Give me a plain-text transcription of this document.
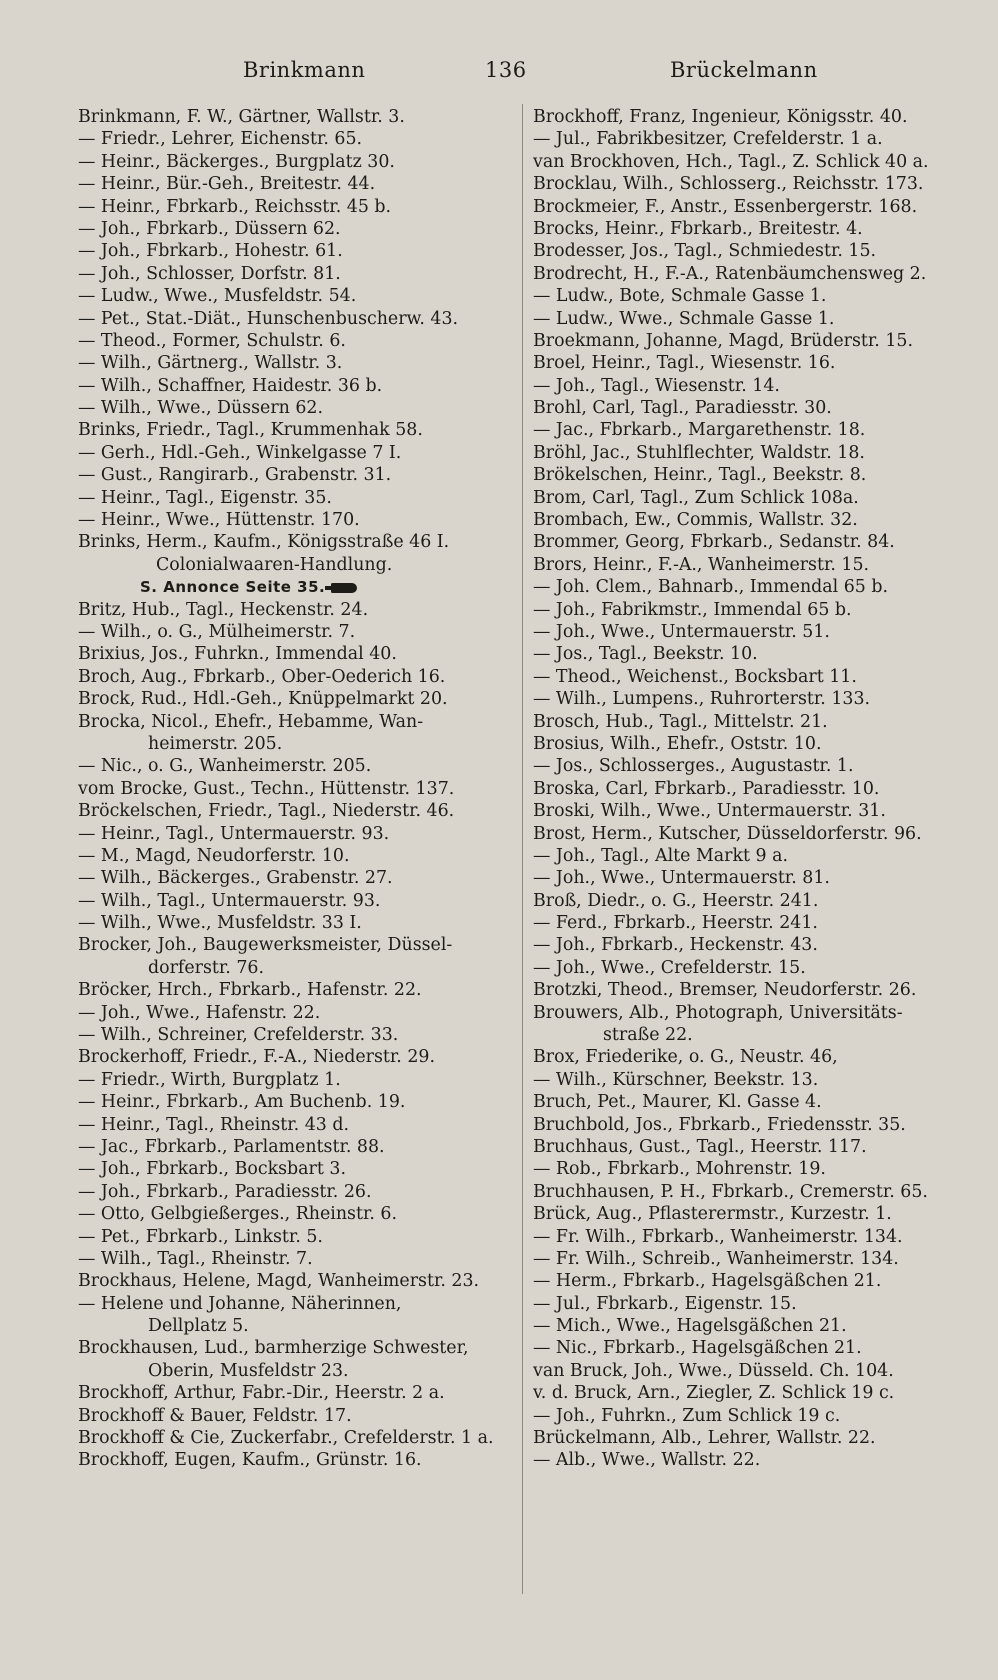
Brinkmann	136	Brückelmann
Brinkmann, F. W., Gärtner, Wallstr. 3.
— Friedr., Lehrer, Eichenstr. 65.
— Heinr., Bäckerges., Burgplatz 30.
— Heinr., Bür.-Geh., Breitestr. 44.
— Heinr., Fbrkarb., Reichsstr. 45 b.
— Joh., Fbrkarb., Düssern 62.
— Joh., Fbrkarb., Hohestr. 61.
— Joh., Schlosser, Dorfstr. 81.
— Ludw., Wwe., Musfeldstr. 54.
— Pet., Stat.-Diät., Hunschenbuscherw. 43.
— Theod., Former, Schulstr. 6.
— Wilh., Gärtnerg., Wallstr. 3.
— Wilh., Schaffner, Haidestr. 36 b.
— Wilh., Wwe., Düssern 62.
Brinks, Friedr., Tagl., Krummenhak 58.
— Gerh., Hdl.-Geh., Winkelgasse 7 I.
— Gust., Rangirarb., Grabenstr. 31.
— Heinr., Tagl., Eigenstr. 35.
— Heinr., Wwe., Hüttenstr. 170.
Brinks, Herm., Kaufm., Königsstraße 46 I.
Colonialwaaren-Handlung.
S. Annonce Seite 35.
Britz, Hub., Tagl., Heckenstr. 24.
— Wilh., o. G., Mülheimerstr. 7.
Brixius, Jos., Fuhrkn., Immendal 40.
Broch, Aug., Fbrkarb., Ober-Oederich 16.
Brock, Rud., Hdl.-Geh., Knüppelmarkt 20.
Brocka, Nicol., Ehefr., Hebamme, Wan-
heimerstr. 205.
— Nic., o. G., Wanheimerstr. 205.
vom Brocke, Gust., Techn., Hüttenstr. 137.
Bröckelschen, Friedr., Tagl., Niederstr. 46.
— Heinr., Tagl., Untermauerstr. 93.
— M., Magd, Neudorferstr. 10.
— Wilh., Bäckerges., Grabenstr. 27.
— Wilh., Tagl., Untermauerstr. 93.
— Wilh., Wwe., Musfeldstr. 33 I.
Brocker, Joh., Baugewerksmeister, Düssel-
dorferstr. 76.
Bröcker, Hrch., Fbrkarb., Hafenstr. 22.
— Joh., Wwe., Hafenstr. 22.
— Wilh., Schreiner, Crefelderstr. 33.
Brockerhoff, Friedr., F.-A., Niederstr. 29.
— Friedr., Wirth, Burgplatz 1.
— Heinr., Fbrkarb., Am Buchenb. 19.
— Heinr., Tagl., Rheinstr. 43 d.
— Jac., Fbrkarb., Parlamentstr. 88.
— Joh., Fbrkarb., Bocksbart 3.
— Joh., Fbrkarb., Paradiesstr. 26.
— Otto, Gelbgießerges., Rheinstr. 6.
— Pet., Fbrkarb., Linkstr. 5.
— Wilh., Tagl., Rheinstr. 7.
Brockhaus, Helene, Magd, Wanheimerstr. 23.
— Helene und Johanne, Näherinnen,
Dellplatz 5.
Brockhausen, Lud., barmherzige Schwester,
Oberin, Musfeldstr 23.
Brockhoff, Arthur, Fabr.-Dir., Heerstr. 2 a.
Brockhoff & Bauer, Feldstr. 17.
Brockhoff & Cie, Zuckerfabr., Crefelderstr. 1 a.
Brockhoff, Eugen, Kaufm., Grünstr. 16.
Brockhoff, Franz, Ingenieur, Königsstr. 40.
— Jul., Fabrikbesitzer, Crefelderstr. 1 a.
van Brockhoven, Hch., Tagl., Z. Schlick 40 a.
Brocklau, Wilh., Schlosserg., Reichsstr. 173.
Brockmeier, F., Anstr., Essenbergerstr. 168.
Brocks, Heinr., Fbrkarb., Breitestr. 4.
Brodesser, Jos., Tagl., Schmiedestr. 15.
Brodrecht, H., F.-A., Ratenbäumchensweg 2.
— Ludw., Bote, Schmale Gasse 1.
— Ludw., Wwe., Schmale Gasse 1.
Broekmann, Johanne, Magd, Brüderstr. 15.
Broel, Heinr., Tagl., Wiesenstr. 16.
— Joh., Tagl., Wiesenstr. 14.
Brohl, Carl, Tagl., Paradiesstr. 30.
— Jac., Fbrkarb., Margarethenstr. 18.
Bröhl, Jac., Stuhlflechter, Waldstr. 18.
Brökelschen, Heinr., Tagl., Beekstr. 8.
Brom, Carl, Tagl., Zum Schlick 108a.
Brombach, Ew., Commis, Wallstr. 32.
Brommer, Georg, Fbrkarb., Sedanstr. 84.
Brors, Heinr., F.-A., Wanheimerstr. 15.
— Joh. Clem., Bahnarb., Immendal 65 b.
— Joh., Fabrikmstr., Immendal 65 b.
— Joh., Wwe., Untermauerstr. 51.
— Jos., Tagl., Beekstr. 10.
— Theod., Weichenst., Bocksbart 11.
— Wilh., Lumpens., Ruhrorterstr. 133.
Brosch, Hub., Tagl., Mittelstr. 21.
Brosius, Wilh., Ehefr., Oststr. 10.
— Jos., Schlosserges., Augustastr. 1.
Broska, Carl, Fbrkarb., Paradiesstr. 10.
Broski, Wilh., Wwe., Untermauerstr. 31.
Brost, Herm., Kutscher, Düsseldorferstr. 96.
— Joh., Tagl., Alte Markt 9 a.
— Joh., Wwe., Untermauerstr. 81.
Broß, Diedr., o. G., Heerstr. 241.
— Ferd., Fbrkarb., Heerstr. 241.
— Joh., Fbrkarb., Heckenstr. 43.
— Joh., Wwe., Crefelderstr. 15.
Brotzki, Theod., Bremser, Neudorferstr. 26.
Brouwers, Alb., Photograph, Universitäts-
straße 22.
Brox, Friederike, o. G., Neustr. 46,
— Wilh., Kürschner, Beekstr. 13.
Bruch, Pet., Maurer, Kl. Gasse 4.
Bruchbold, Jos., Fbrkarb., Friedensstr. 35.
Bruchhaus, Gust., Tagl., Heerstr. 117.
— Rob., Fbrkarb., Mohrenstr. 19.
Bruchhausen, P. H., Fbrkarb., Cremerstr. 65.
Brück, Aug., Pflasterermstr., Kurzestr. 1.
— Fr. Wilh., Fbrkarb., Wanheimerstr. 134.
— Fr. Wilh., Schreib., Wanheimerstr. 134.
— Herm., Fbrkarb., Hagelsgäßchen 21.
— Jul., Fbrkarb., Eigenstr. 15.
— Mich., Wwe., Hagelsgäßchen 21.
— Nic., Fbrkarb., Hagelsgäßchen 21.
van Bruck, Joh., Wwe., Düsseld. Ch. 104.
v. d. Bruck, Arn., Ziegler, Z. Schlick 19 c.
— Joh., Fuhrkn., Zum Schlick 19 c.
Brückelmann, Alb., Lehrer, Wallstr. 22.
— Alb., Wwe., Wallstr. 22.
